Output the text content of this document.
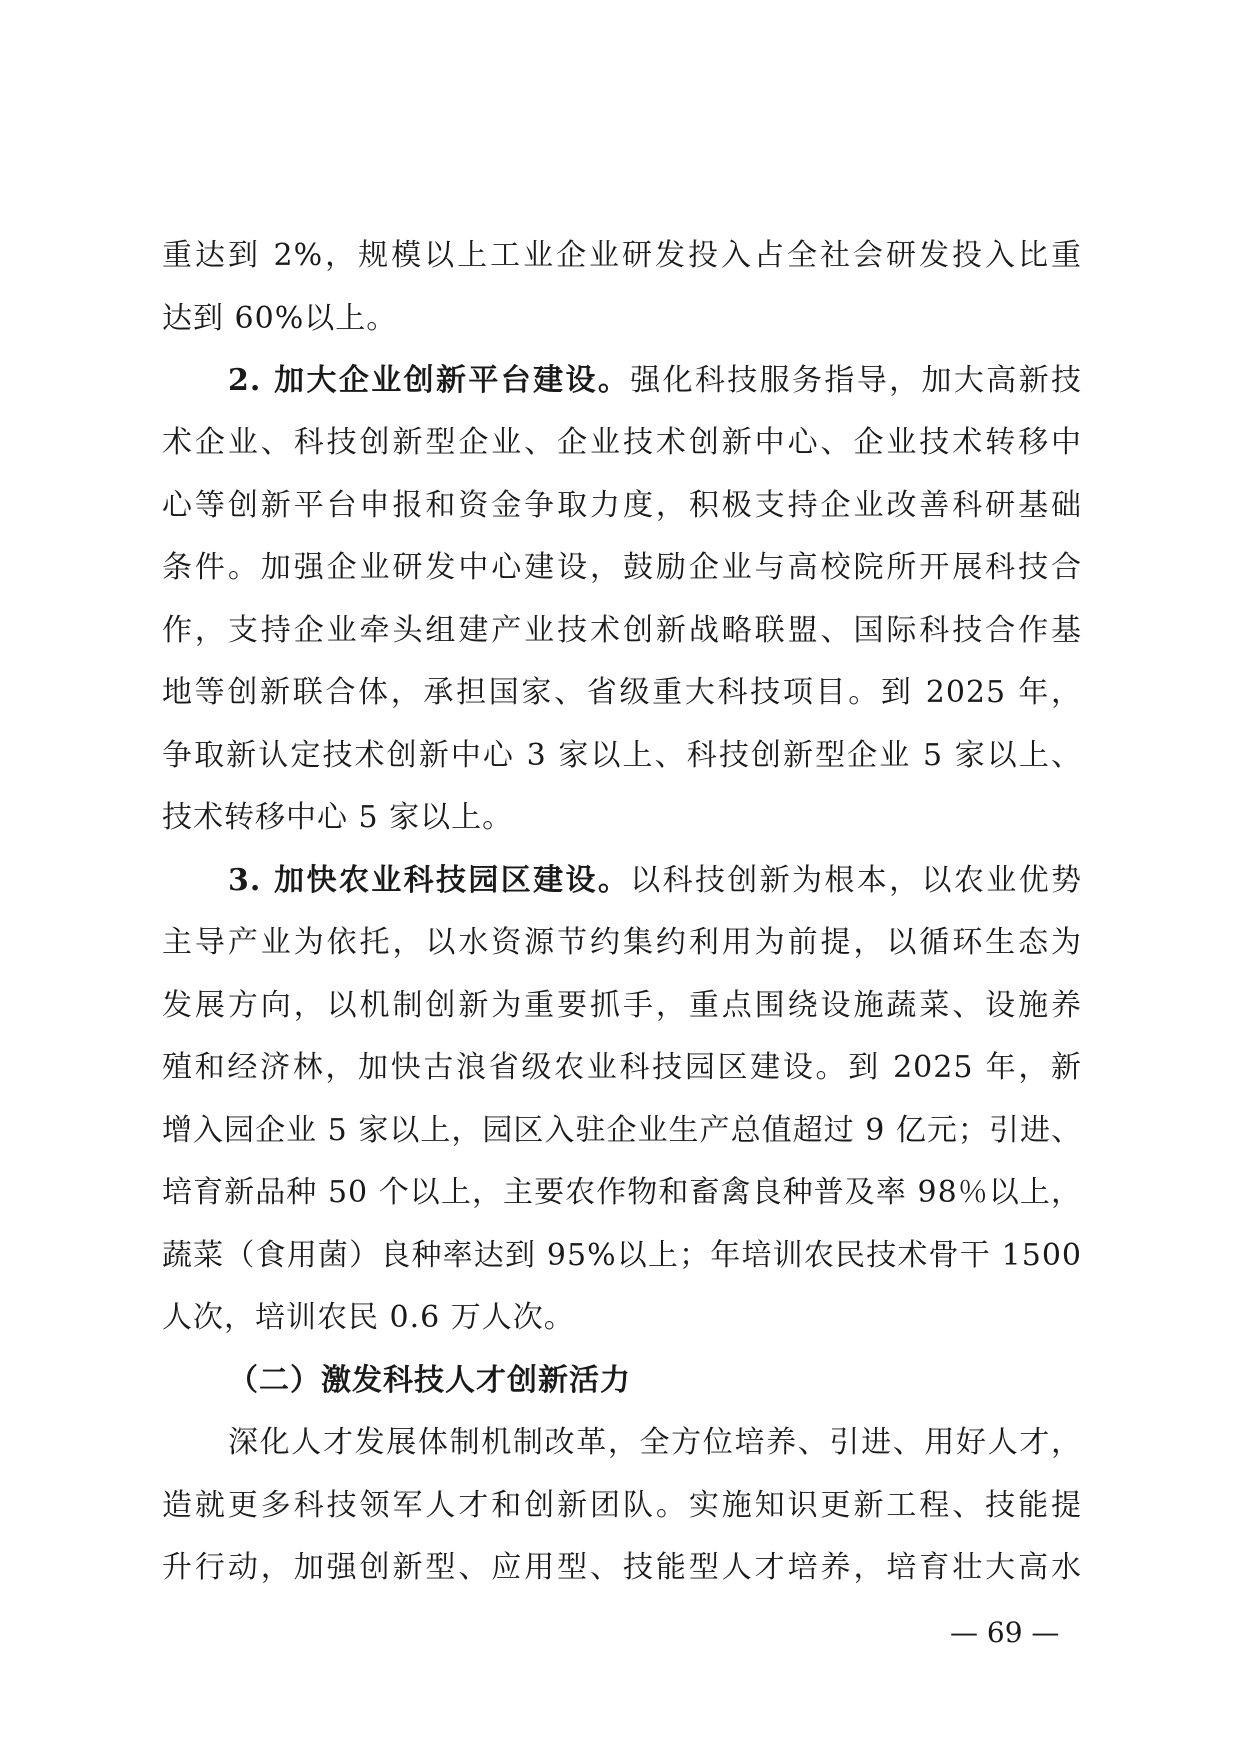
重达到 2%，规模以上工业企业研发投入占全社会研发投入比重
达到 60%以上。
2. 加大企业创新平台建设。强化科技服务指导，加大高新技
术企业、科技创新型企业、企业技术创新中心、企业技术转移中
心等创新平台申报和资金争取力度，积极支持企业改善科研基础
条件。加强企业研发中心建设，鼓励企业与高校院所开展科技合
作，支持企业牵头组建产业技术创新战略联盟、国际科技合作基
地等创新联合体，承担国家、省级重大科技项目。到 2025 年，
争取新认定技术创新中心 3 家以上、科技创新型企业 5 家以上、
技术转移中心 5 家以上。
3. 加快农业科技园区建设。以科技创新为根本，以农业优势
主导产业为依托，以水资源节约集约利用为前提，以循环生态为
发展方向，以机制创新为重要抓手，重点围绕设施蔬菜、设施养
殖和经济林，加快古浪省级农业科技园区建设。到 2025 年，新
增入园企业 5 家以上，园区入驻企业生产总值超过 9 亿元；引进、
培育新品种 50 个以上，主要农作物和畜禽良种普及率 98％以上，
蔬菜（食用菌）良种率达到 95%以上；年培训农民技术骨干 1500
人次，培训农民 0.6 万人次。
（二）激发科技人才创新活力
深化人才发展体制机制改革，全方位培养、引进、用好人才，
造就更多科技领军人才和创新团队。实施知识更新工程、技能提
升行动，加强创新型、应用型、技能型人才培养，培育壮大高水
— 69 —
